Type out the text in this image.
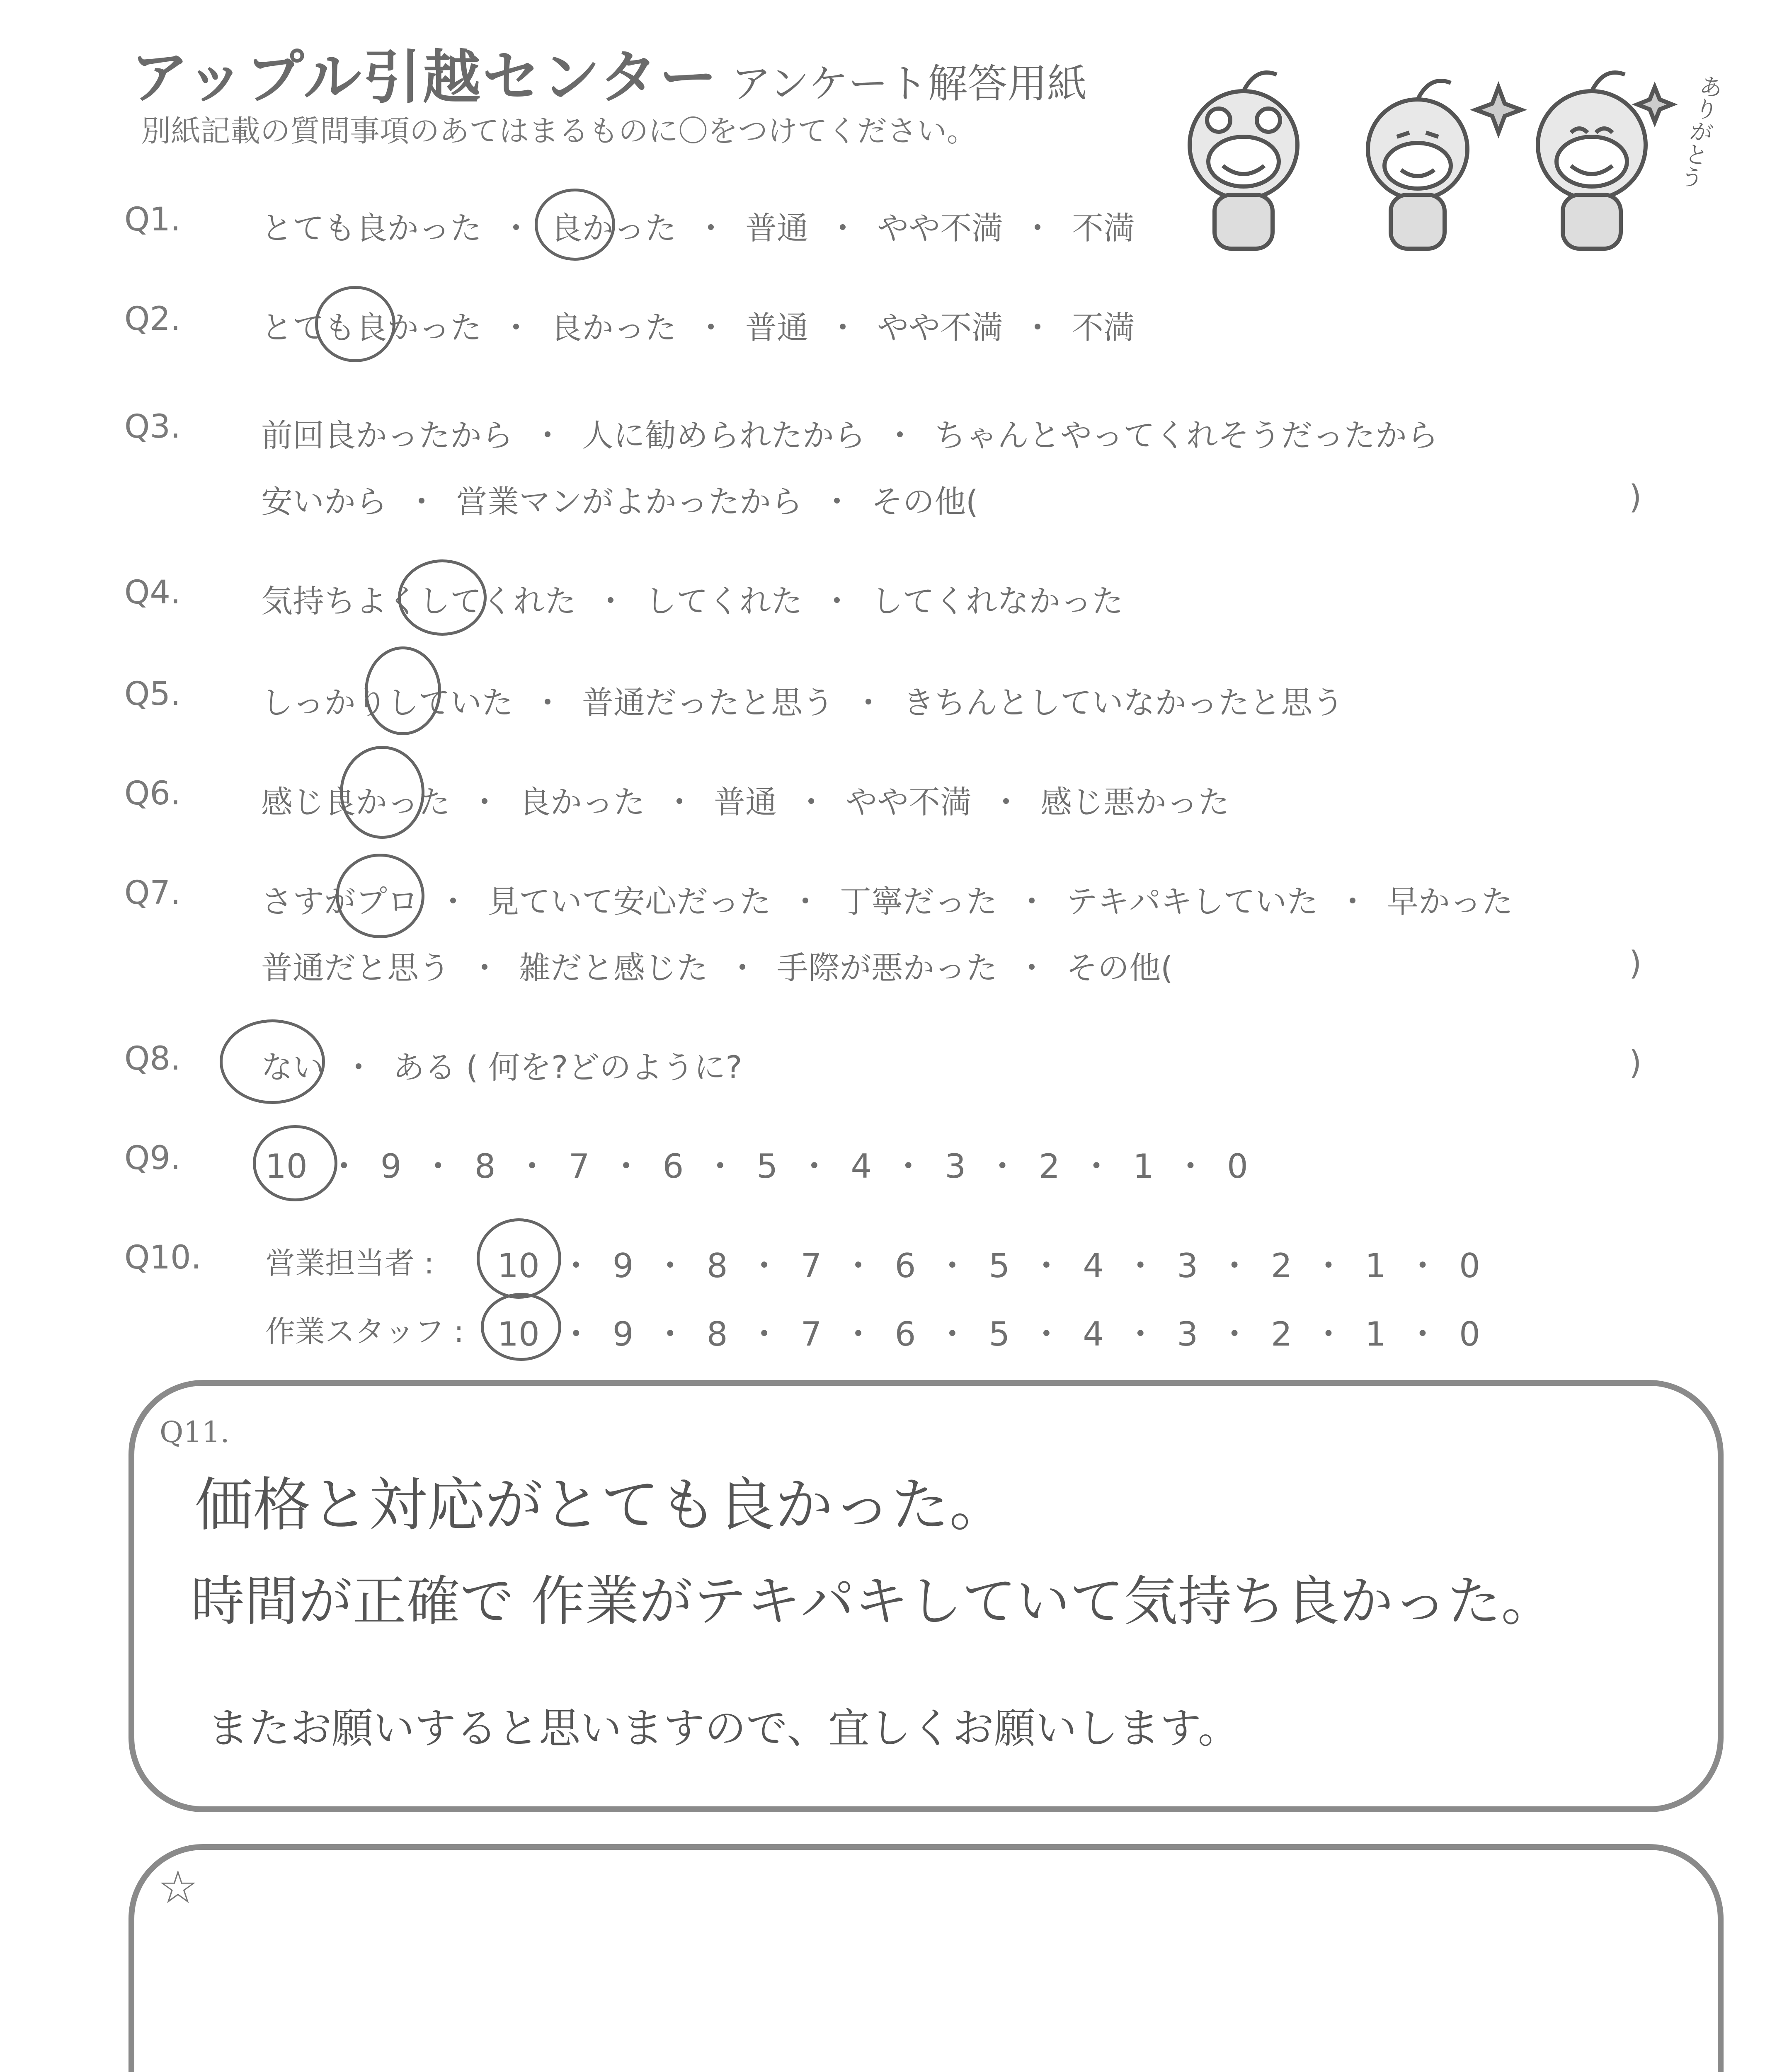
アップル引越センター アンケート解答用紙
別紙記載の質問事項のあてはまるものに〇をつけてください。	ありがとう
Q1.	とても良かった ・ 良かった ・ 普通 ・ やや不満 ・ 不満
Q2.	とても良かった ・ 良かった ・ 普通 ・ やや不満 ・ 不満
Q3.	前回良かったから ・ 人に勧められたから ・ ちゃんとやってくれそうだったから
安いから ・ 営業マンがよかったから ・ その他(	)
Q4.	気持ちよくしてくれた ・ してくれた ・ してくれなかった
Q5.	しっかりしていた ・ 普通だったと思う ・ きちんとしていなかったと思う
Q6.	感じ良かった ・ 良かった ・ 普通 ・ やや不満 ・ 感じ悪かった
Q7.	さすがプロ ・ 見ていて安心だった ・ 丁寧だった ・ テキパキしていた ・ 早かった
普通だと思う ・ 雑だと感じた ・ 手際が悪かった ・ その他(	)
Q8.	ない ・ ある ( 何を?どのように?	)
Q9.	10 ・ 9 ・ 8 ・ 7 ・ 6 ・ 5 ・ 4 ・ 3 ・ 2 ・ 1 ・ 0
Q10. 営業担当者 : 10 ・ 9 ・ 8 ・ 7 ・ 6 ・ 5 ・ 4 ・ 3 ・ 2 ・ 1 ・ 0
作業スタッフ : 10 ・ 9 ・ 8 ・ 7 ・ 6 ・ 5 ・ 4 ・ 3 ・ 2 ・ 1 ・ 0
Q11.
価格と対応がとても良かった。
時間が正確で 作業がテキパキしていて気持ち良かった。
またお願いすると思いますので、宜しくお願いします。
☆
